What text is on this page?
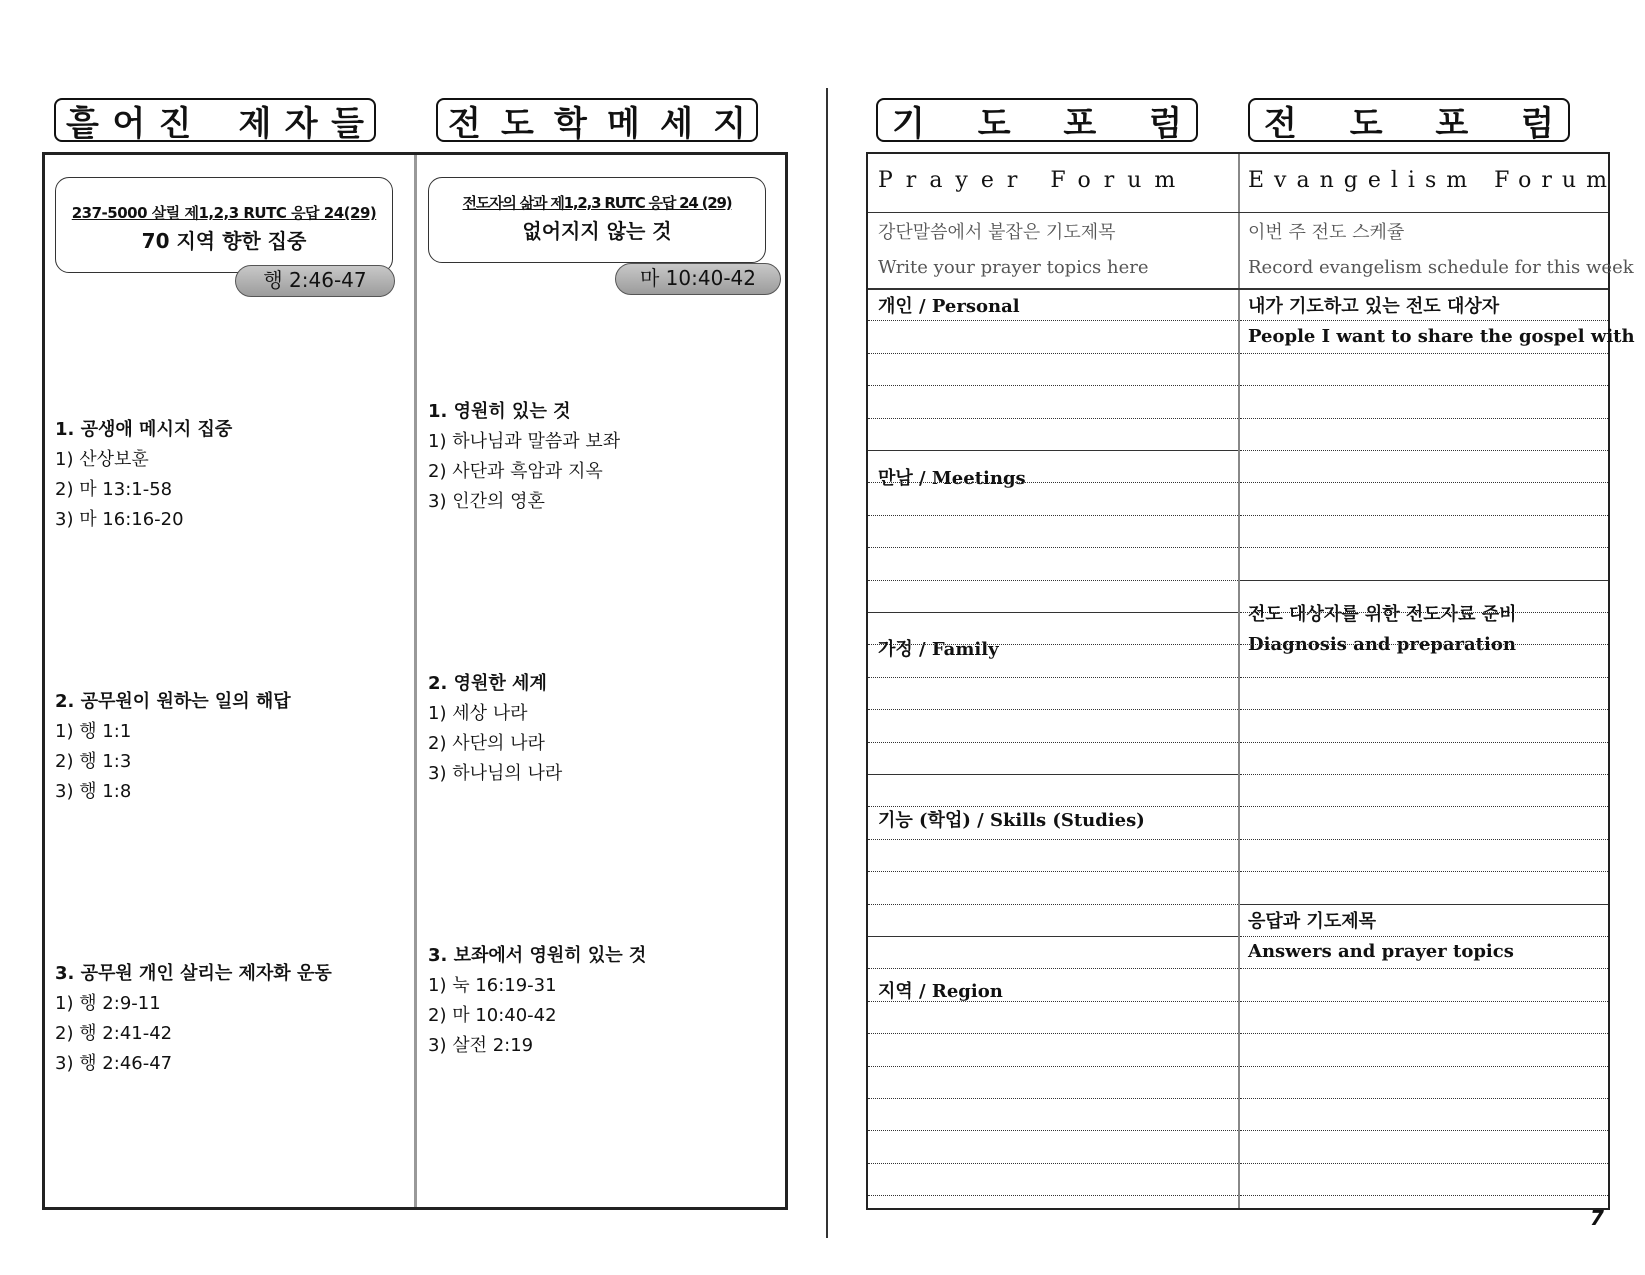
흩 어 진 제 자 들 전 도 학 메 세 지
237-5000 살릴 제1,2,3 RUTC 응답 24(29)
70 지역 향한 집중
행 2:46-47
1. 공생애 메시지 집중
1) 산상보훈
2) 마 13:1-58
3) 마 16:16-20
2. 공무원이 원하는 일의 해답
1) 행 1:1
2) 행 1:3
3) 행 1:8
3. 공무원 개인 살리는 제자화 운동
1) 행 2:9-11
2) 행 2:41-42
3) 행 2:46-47
전도자의 삶과 제1,2,3 RUTC 응답 24 (29)
없어지지 않는 것
마 10:40-42
1. 영원히 있는 것
1) 하나님과 말씀과 보좌
2) 사단과 흑암과 지옥
3) 인간의 영혼
2. 영원한 세계
1) 세상 나라
2) 사단의 나라
3) 하나님의 나라
3. 보좌에서 영원히 있는 것
1) 눅 16:19-31
2) 마 10:40-42
3) 살전 2:19
기 도 포 럼 전 도 포 럼
Prayer Forum	Evangelism Forum
강단말씀에서 붙잡은 기도제목
Write your prayer topics here
이번 주 전도 스케쥴
Record evangelism schedule for this week
개인 / Personal
만남 / Meetings
가정 / Family
기능 (학업) / Skills (Studies)
지역 / Region
내가 기도하고 있는 전도 대상자
People I want to share the gospel with
전도 대상자를 위한 전도자료 준비
Diagnosis and preparation
응답과 기도제목
Answers and prayer topics
7
